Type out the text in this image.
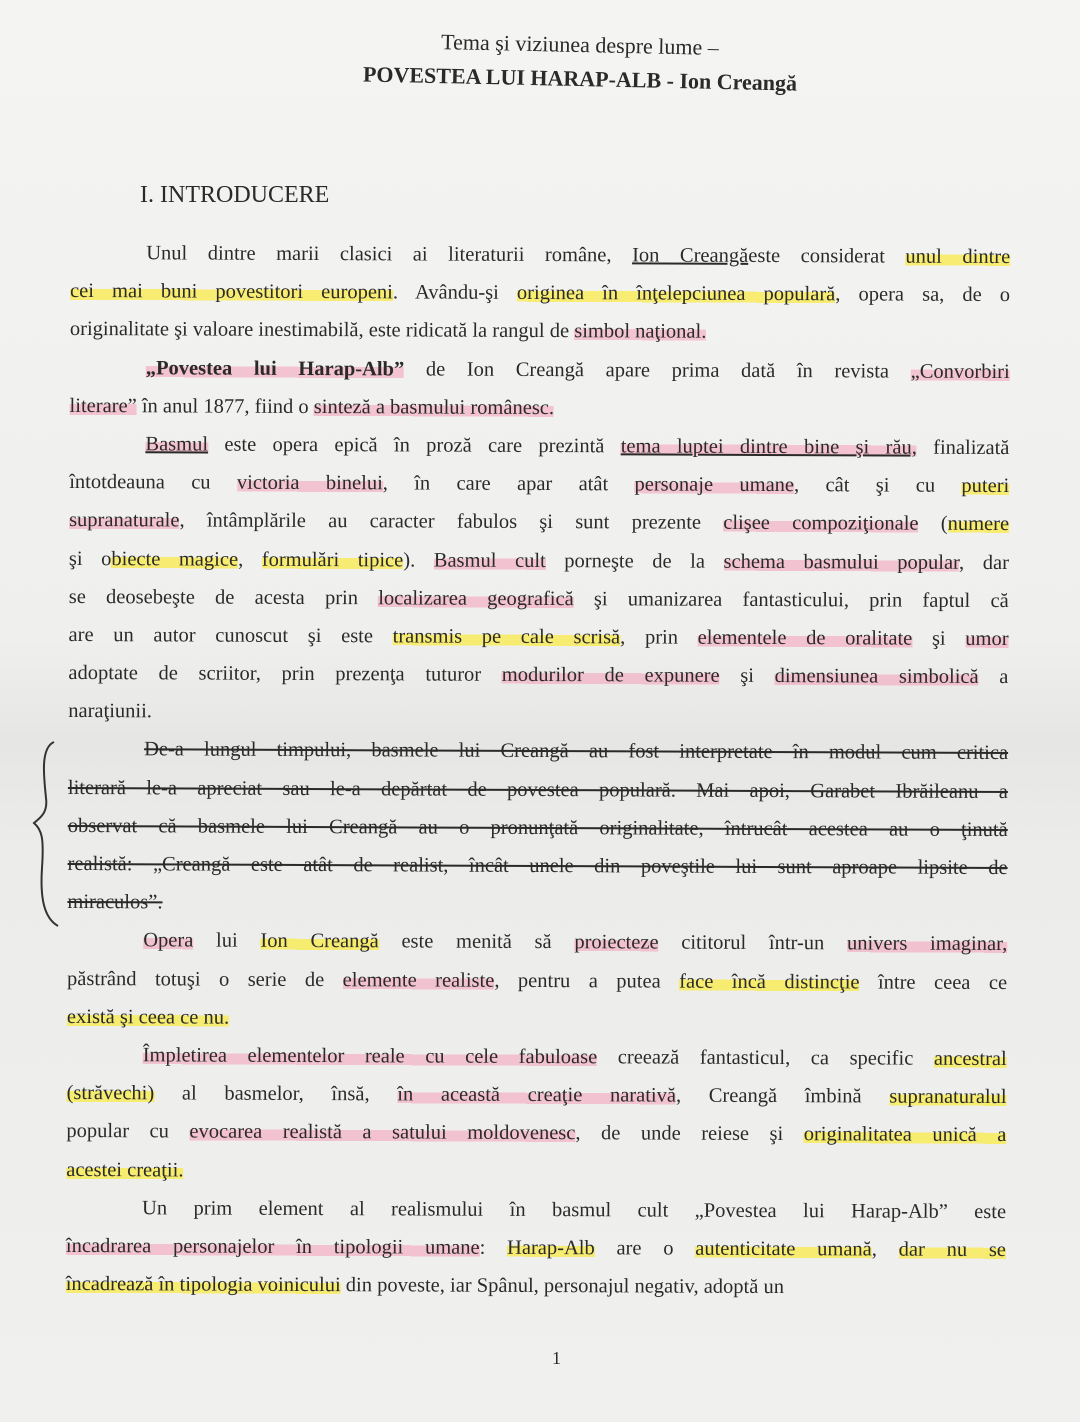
Tema şi viziunea despre lume –
POVESTEA LUI HARAP-ALB - Ion Creangă
I. INTRODUCERE
Unul dintre marii clasici ai literaturii române, Ion Creangăeste considerat unul dintre
cei mai buni povestitori europeni. Avându-şi originea în înţelepciunea populară, opera sa, de o
originalitate şi valoare inestimabilă, este ridicată la rangul de simbol naţional.
„Povestea lui Harap-Alb” de Ion Creangă apare prima dată în revista „Convorbiri
literare” în anul 1877, fiind o sinteză a basmului românesc.
Basmul este opera epică în proză care prezintă tema luptei dintre bine şi rău, finalizată
întotdeauna cu victoria binelui, în care apar atât personaje umane, cât şi cu puteri
supranaturale, întâmplările au caracter fabulos şi sunt prezente clişee compoziţionale (numere
şi obiecte magice, formulări tipice). Basmul cult porneşte de la schema basmului popular, dar
se deosebeşte de acesta prin localizarea geografică şi umanizarea fantasticului, prin faptul că
are un autor cunoscut şi este transmis pe cale scrisă, prin elementele de oralitate şi umor
adoptate de scriitor, prin prezenţa tuturor modurilor de expunere şi dimensiunea simbolică a
naraţiunii.
De-a lungul timpului, basmele lui Creangă au fost interpretate în modul cum critica
literară le-a apreciat sau le-a depărtat de povestea populară. Mai apoi, Garabet Ibrăileanu a
observat că basmele lui Creangă au o pronunţată originalitate, întrucât acestea au o ţinută
realistă: „Creangă este atât de realist, încât unele din poveştile lui sunt aproape lipsite de
miraculos”.
Opera lui Ion Creangă este menită să proiecteze cititorul într-un univers imaginar,
păstrând totuşi o serie de elemente realiste, pentru a putea face încă distincţie între ceea ce
există şi ceea ce nu.
Împletirea elementelor reale cu cele fabuloase creează fantasticul, ca specific ancestral
(străvechi) al basmelor, însă, în această creaţie narativă, Creangă îmbină supranaturalul
popular cu evocarea realistă a satului moldovenesc, de unde reiese şi originalitatea unică a
acestei creaţii.
Un prim element al realismului în basmul cult „Povestea lui Harap-Alb” este
încadrarea personajelor în tipologii umane: Harap-Alb are o autenticitate umană, dar nu se
încadrează în tipologia voinicului din poveste, iar Spânul, personajul negativ, adoptă un
1
